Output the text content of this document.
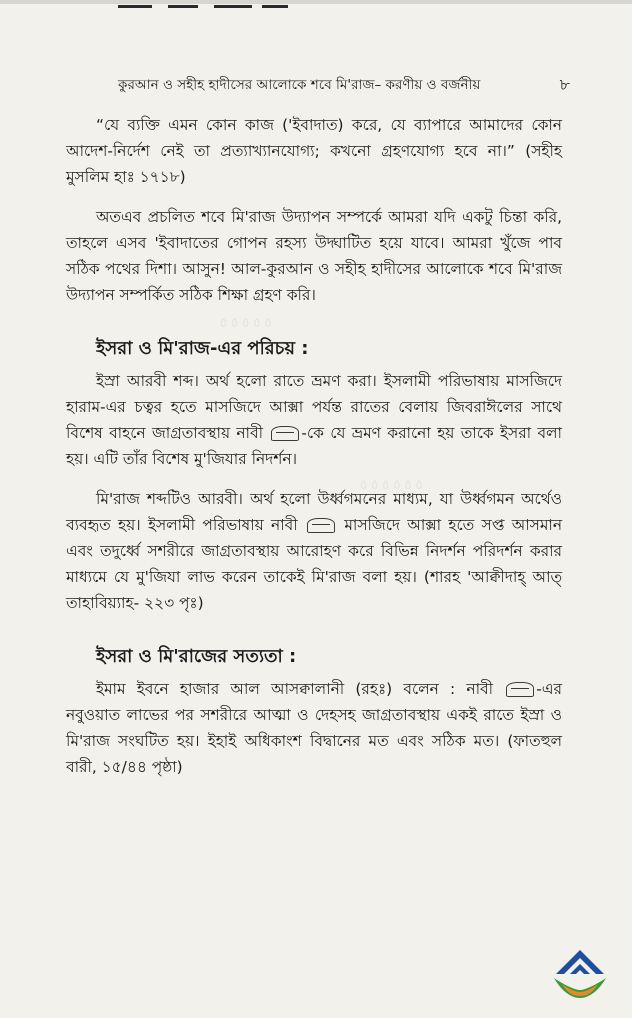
কুরআন ও সহীহ হাদীসের আলোকে শবে মি'রাজ– করণীয় ও বর্জনীয়	৮
٥ ٥ ٥ ٥ ٥
٥ ٥ ٥ ٥ ٥ ٥

“যে ব্যক্তি এমন কোন কাজ ('ইবাদাত) করে, যে ব্যাপারে আমাদের কোন আদেশ-নির্দেশ নেই তা প্রত্যাখ্যানযোগ্য; কখনো গ্রহণযোগ্য হবে না।” (সহীহ মুসলিম হাঃ ১৭১৮)

অতএব প্রচলিত শবে মি'রাজ উদ্যাপন সম্পর্কে আমরা যদি একটু চিন্তা করি, তাহলে এসব 'ইবাদাতের গোপন রহস্য উদ্ঘাটিত হয়ে যাবে। আমরা খুঁজে পাব সঠিক পথের দিশা। আসুন! আল-কুরআন ও সহীহ হাদীসের আলোকে শবে মি'রাজ উদ্যাপন সম্পর্কিত সঠিক শিক্ষা গ্রহণ করি।

ইসরা ও মি'রাজ-এর পরিচয় :

ইস্রা আরবী শব্দ। অর্থ হলো রাতে ভ্রমণ করা। ইসলামী পরিভাষায় মাসজিদে হারাম-এর চত্বর হতে মাসজিদে আক্সা পর্যন্ত রাতের বেলায় জিবরাঈলের সাথে বিশেষ বাহনে জাগ্রতাবস্থায় নাবী -কে যে ভ্রমণ করানো হয় তাকে ইসরা বলা হয়। এটি তাঁর বিশেষ মু'জিযার নিদর্শন।

মি'রাজ শব্দটিও আরবী। অর্থ হলো উর্ধ্বগমনের মাধ্যম, যা উর্ধ্বগমন অর্থেও ব্যবহৃত হয়। ইসলামী পরিভাষায় নাবী	মাসজিদে আক্সা হতে সপ্ত আসমান এবং তদুর্ধ্বে সশরীরে জাগ্রতাবস্থায় আরোহণ করে বিভিন্ন নিদর্শন পরিদর্শন করার মাধ্যমে যে মু'জিযা লাভ করেন তাকেই মি'রাজ বলা হয়। (শারহ 'আক্বীদাহ্ আত্ তাহাবিয়্যাহ- ২২৩ পৃঃ)

ইসরা ও মি'রাজের সত্যতা :

ইমাম ইবনে হাজার আল আসক্বালানী (রহঃ) বলেন : নাবী	-এর নবুওয়াত লাভের পর সশরীরে আত্মা ও দেহসহ জাগ্রতাবস্থায় একই রাতে ইস্রা ও মি'রাজ সংঘটিত হয়। ইহাই অধিকাংশ বিদ্বানের মত এবং সঠিক মত। (ফাতহুল বারী, ১৫/৪৪ পৃষ্ঠা)
